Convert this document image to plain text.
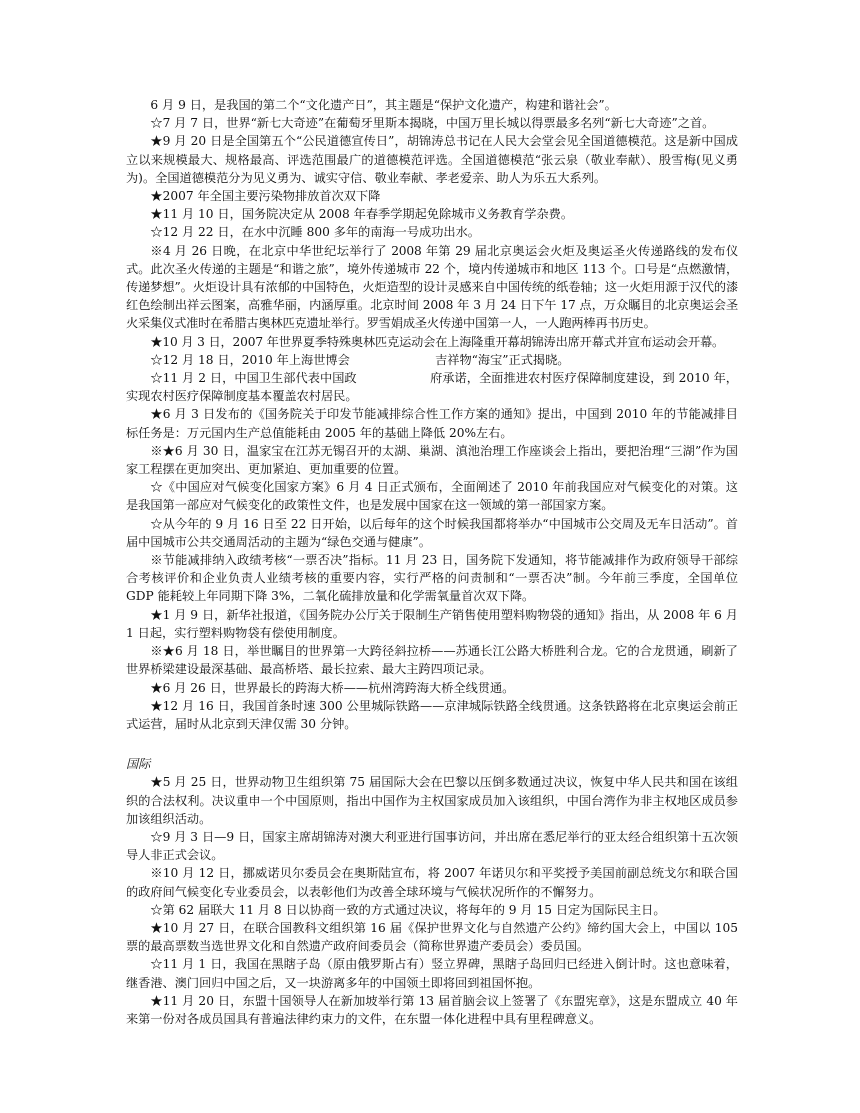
6 月 9 日，是我国的第二个“文化遗产日”，其主题是“保护文化遗产，构建和谐社会”。

☆7 月 7 日，世界“新七大奇迹”在葡萄牙里斯本揭晓，中国万里长城以得票最多名列“新七大奇迹”之首。

★9 月 20 日是全国第五个“公民道德宣传日”，胡锦涛总书记在人民大会堂会见全国道德模范。这是新中国成立以来规模最大、规格最高、评选范围最广的道德模范评选。全国道德模范“张云泉（敬业奉献）、殷雪梅(见义勇为)。全国道德模范分为见义勇为、诚实守信、敬业奉献、孝老爱亲、助人为乐五大系列。

★2007 年全国主要污染物排放首次双下降

★11 月 10 日，国务院决定从 2008 年春季学期起免除城市义务教育学杂费。

☆12 月 22 日，在水中沉睡 800 多年的南海一号成功出水。

※4 月 26 日晚，在北京中华世纪坛举行了 2008 年第 29 届北京奥运会火炬及奥运圣火传递路线的发布仪式。此次圣火传递的主题是“和谐之旅”，境外传递城市 22 个，境内传递城市和地区 113 个。口号是“点燃激情，传递梦想”。火炬设计具有浓郁的中国特色，火炬造型的设计灵感来自中国传统的纸卷轴；这一火炬用源于汉代的漆红色绘制出祥云图案，高雅华丽，内涵厚重。北京时间 2008 年 3 月 24 日下午 17 点，万众瞩目的北京奥运会圣火采集仪式准时在希腊古奥林匹克遗址举行。罗雪娟成圣火传递中国第一人，一人跑两棒再书历史。

★10 月 3 日，2007 年世界夏季特殊奥林匹克运动会在上海隆重开幕胡锦涛出席开幕式并宣布运动会开幕。

☆12 月 18 日，2010 年上海世博会　　　　　　　吉祥物“海宝”正式揭晓。

☆11 月 2 日，中国卫生部代表中国政　　　　　　府承诺，全面推进农村医疗保障制度建设，到 2010 年，实现农村医疗保障制度基本覆盖农村居民。

★6 月 3 日发布的《国务院关于印发节能减排综合性工作方案的通知》提出，中国到 2010 年的节能减排目标任务是：万元国内生产总值能耗由 2005 年的基础上降低 20%左右。

※★6 月 30 日，温家宝在江苏无锡召开的太湖、巢湖、滇池治理工作座谈会上指出，要把治理“三湖”作为国家工程摆在更加突出、更加紧迫、更加重要的位置。

☆《中国应对气候变化国家方案》6 月 4 日正式颁布，全面阐述了 2010 年前我国应对气候变化的对策。这是我国第一部应对气候变化的政策性文件，也是发展中国家在这一领域的第一部国家方案。

☆从今年的 9 月 16 日至 22 日开始，以后每年的这个时候我国都将举办“中国城市公交周及无车日活动”。首届中国城市公共交通周活动的主题为“绿色交通与健康”。

※节能减排纳入政绩考核“一票否决”指标。11 月 23 日，国务院下发通知，将节能减排作为政府领导干部综合考核评价和企业负责人业绩考核的重要内容，实行严格的问责制和“一票否决”制。今年前三季度，全国单位 GDP 能耗较上年同期下降 3%，二氧化硫排放量和化学需氧量首次双下降。

★1 月 9 日，新华社报道，《国务院办公厅关于限制生产销售使用塑料购物袋的通知》指出，从 2008 年 6 月 1 日起，实行塑料购物袋有偿使用制度。

※★6 月 18 日，举世瞩目的世界第一大跨径斜拉桥——苏通长江公路大桥胜利合龙。它的合龙贯通，刷新了世界桥梁建设最深基础、最高桥塔、最长拉索、最大主跨四项记录。

★6 月 26 日，世界最长的跨海大桥——杭州湾跨海大桥全线贯通。

★12 月 16 日，我国首条时速 300 公里城际铁路——京津城际铁路全线贯通。这条铁路将在北京奥运会前正式运营，届时从北京到天津仅需 30 分钟。

国际

★5 月 25 日，世界动物卫生组织第 75 届国际大会在巴黎以压倒多数通过决议，恢复中华人民共和国在该组织的合法权利。决议重申一个中国原则，指出中国作为主权国家成员加入该组织，中国台湾作为非主权地区成员参加该组织活动。

☆9 月 3 日—9 日，国家主席胡锦涛对澳大利亚进行国事访问，并出席在悉尼举行的亚太经合组织第十五次领导人非正式会议。

※10 月 12 日，挪威诺贝尔委员会在奥斯陆宣布，将 2007 年诺贝尔和平奖授予美国前副总统戈尔和联合国的政府间气候变化专业委员会，以表彰他们为改善全球环境与气候状况所作的不懈努力。

☆第 62 届联大 11 月 8 日以协商一致的方式通过决议，将每年的 9 月 15 日定为国际民主日。

★10 月 27 日，在联合国教科文组织第 16 届《保护世界文化与自然遗产公约》缔约国大会上，中国以 105 票的最高票数当选世界文化和自然遗产政府间委员会（简称世界遗产委员会）委员国。

☆11 月 1 日，我国在黑瞎子岛（原由俄罗斯占有）竖立界碑，黑瞎子岛回归已经进入倒计时。这也意味着，继香港、澳门回归中国之后，又一块游离多年的中国领土即将回到祖国怀抱。

★11 月 20 日，东盟十国领导人在新加坡举行第 13 届首脑会议上签署了《东盟宪章》，这是东盟成立 40 年来第一份对各成员国具有普遍法律约束力的文件，在东盟一体化进程中具有里程碑意义。
